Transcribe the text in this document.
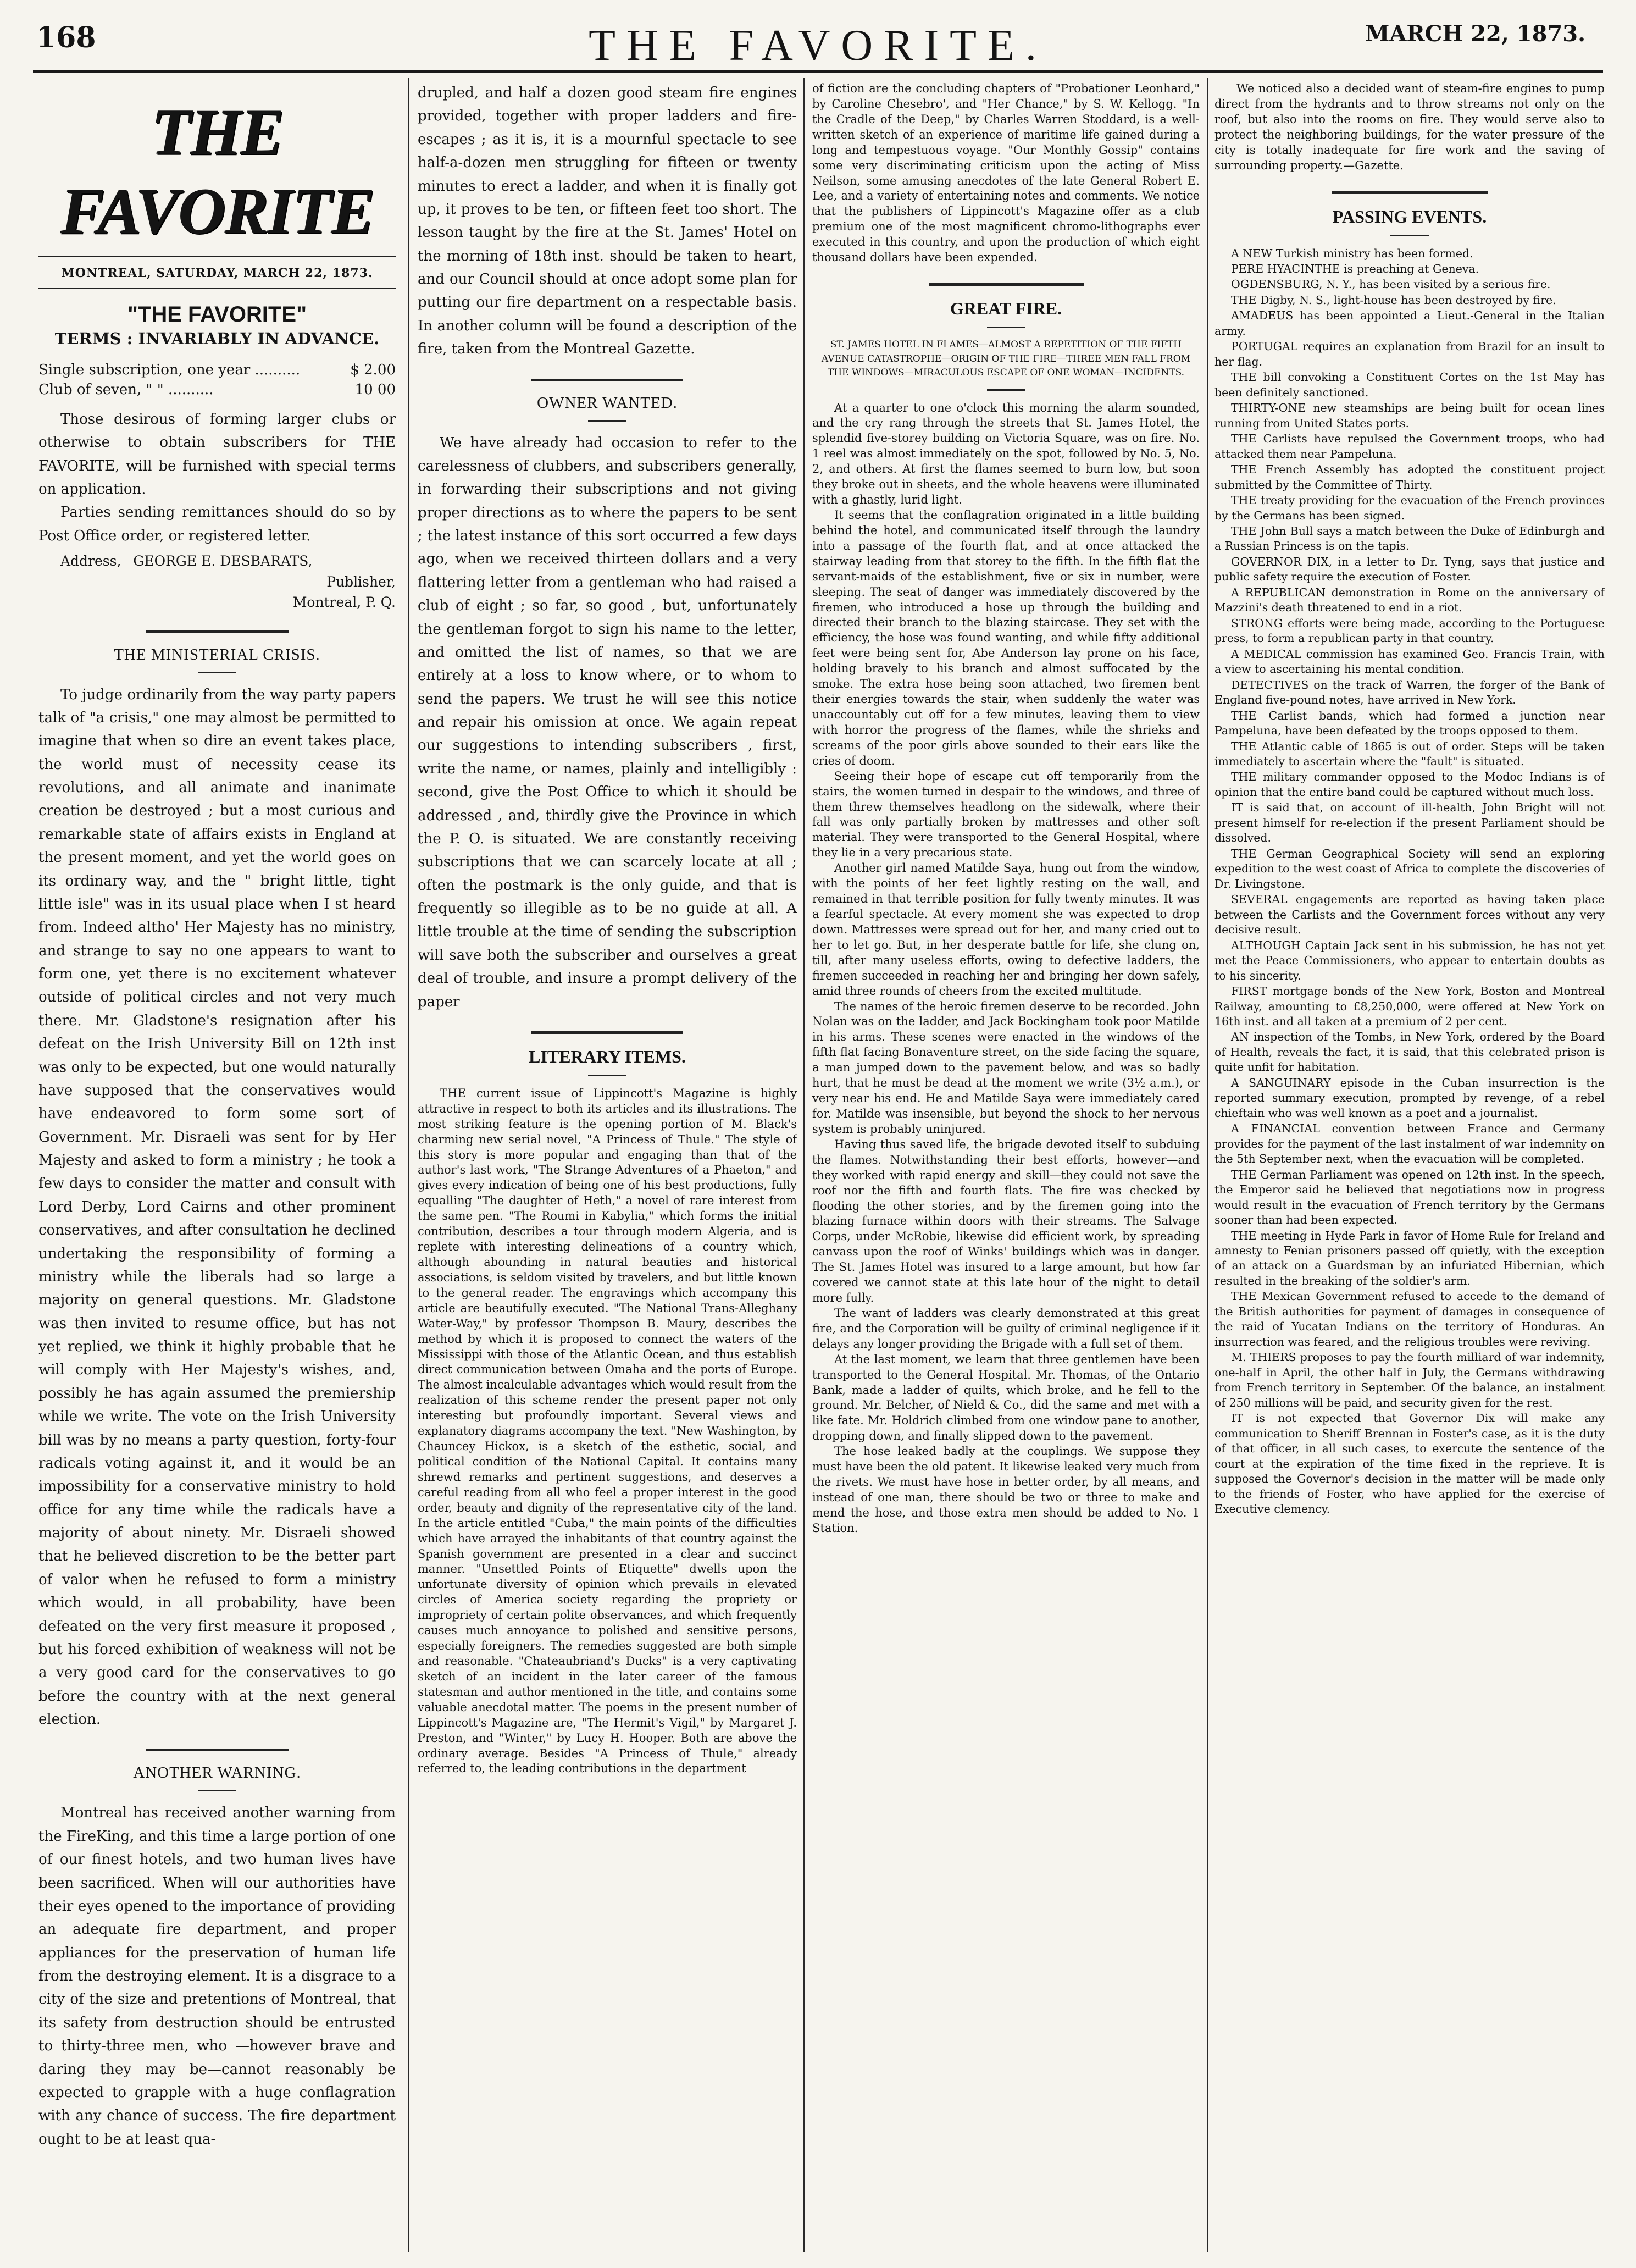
168	THE FAVORITE.	MARCH 22, 1873.
THE FAVORITE
MONTREAL, SATURDAY, MARCH 22, 1873.
"THE FAVORITE"
TERMS : INVARIABLY IN ADVANCE.
Single subscription, one year ..........	$ 2.00
Club of seven, " " ..........	10 00

Those desirous of forming larger clubs or otherwise to obtain subscribers for THE FAVORITE, will be furnished with special terms on application.

Parties sending remittances should do so by Post Office order, or registered letter.

Address, GEORGE E. DESBARATS,
Publisher,
Montreal, P. Q.
THE MINISTERIAL CRISIS.

To judge ordinarily from the way party papers talk of "a crisis," one may almost be permitted to imagine that when so dire an event takes place, the world must of necessity cease its revolutions, and all animate and inanimate creation be destroyed ; but a most curious and remarkable state of affairs exists in England at the present moment, and yet the world goes on its ordinary way, and the " bright little, tight little isle" was in its usual place when I st heard from. Indeed altho' Her Majesty has no ministry, and strange to say no one appears to want to form one, yet there is no excitement whatever outside of political circles and not very much there. Mr. Gladstone's resignation after his defeat on the Irish University Bill on 12th inst was only to be expected, but one would naturally have supposed that the conservatives would have endeavored to form some sort of Government. Mr. Disraeli was sent for by Her Majesty and asked to form a ministry ; he took a few days to consider the matter and consult with Lord Derby, Lord Cairns and other prominent conservatives, and after consultation he declined undertaking the responsibility of forming a ministry while the liberals had so large a majority on general questions. Mr. Gladstone was then invited to resume office, but has not yet replied, we think it highly probable that he will comply with Her Majesty's wishes, and, possibly he has again assumed the premiership while we write. The vote on the Irish University bill was by no means a party question, forty-four radicals voting against it, and it would be an impossibility for a conservative ministry to hold office for any time while the radicals have a majority of about ninety. Mr. Disraeli showed that he believed discretion to be the better part of valor when he refused to form a ministry which would, in all probability, have been defeated on the very first measure it proposed , but his forced exhibition of weakness will not be a very good card for the conservatives to go before the country with at the next general election.

ANOTHER WARNING.

Montreal has received another warning from the FireKing, and this time a large portion of one of our finest hotels, and two human lives have been sacrificed. When will our authorities have their eyes opened to the importance of providing an adequate fire department, and proper appliances for the preservation of human life from the destroying element. It is a disgrace to a city of the size and pretentions of Montreal, that its safety from destruction should be entrusted to thirty-three men, who —however brave and daring they may be—cannot reasonably be expected to grapple with a huge conflagration with any chance of success. The fire department ought to be at least qua-

drupled, and half a dozen good steam fire engines provided, together with proper ladders and fire-escapes ; as it is, it is a mournful spectacle to see half-a-dozen men struggling for fifteen or twenty minutes to erect a ladder, and when it is finally got up, it proves to be ten, or fifteen feet too short. The lesson taught by the fire at the St. James' Hotel on the morning of 18th inst. should be taken to heart, and our Council should at once adopt some plan for putting our fire department on a respectable basis. In another column will be found a description of the fire, taken from the Montreal Gazette.

OWNER WANTED.

We have already had occasion to refer to the carelessness of clubbers, and subscribers generally, in forwarding their subscriptions and not giving proper directions as to where the papers to be sent ; the latest instance of this sort occurred a few days ago, when we received thirteen dollars and a very flattering letter from a gentleman who had raised a club of eight ; so far, so good , but, unfortunately the gentleman forgot to sign his name to the letter, and omitted the list of names, so that we are entirely at a loss to know where, or to whom to send the papers. We trust he will see this notice and repair his omission at once. We again repeat our suggestions to intending subscribers , first, write the name, or names, plainly and intelligibly : second, give the Post Office to which it should be addressed , and, thirdly give the Province in which the P. O. is situated. We are constantly receiving subscriptions that we can scarcely locate at all ; often the postmark is the only guide, and that is frequently so illegible as to be no guide at all. A little trouble at the time of sending the subscription will save both the subscriber and ourselves a great deal of trouble, and insure a prompt delivery of the paper

LITERARY ITEMS.

THE current issue of Lippincott's Magazine is highly attractive in respect to both its articles and its illustrations. The most striking feature is the opening portion of M. Black's charming new serial novel, "A Princess of Thule." The style of this story is more popular and engaging than that of the author's last work, "The Strange Adventures of a Phaeton," and gives every indication of being one of his best productions, fully equalling "The daughter of Heth," a novel of rare interest from the same pen. "The Roumi in Kabylia," which forms the initial contribution, describes a tour through modern Algeria, and is replete with interesting delineations of a country which, although abounding in natural beauties and historical associations, is seldom visited by travelers, and but little known to the general reader. The engravings which accompany this article are beautifully executed. "The National Trans-Alleghany Water-Way," by professor Thompson B. Maury, describes the method by which it is proposed to connect the waters of the Mississippi with those of the Atlantic Ocean, and thus establish direct communication between Omaha and the ports of Europe. The almost incalculable advantages which would result from the realization of this scheme render the present paper not only interesting but profoundly important. Several views and explanatory diagrams accompany the text. "New Washington, by Chauncey Hickox, is a sketch of the esthetic, social, and political condition of the National Capital. It contains many shrewd remarks and pertinent suggestions, and deserves a careful reading from all who feel a proper interest in the good order, beauty and dignity of the representative city of the land. In the article entitled "Cuba," the main points of the difficulties which have arrayed the inhabitants of that country against the Spanish government are presented in a clear and succinct manner. "Unsettled Points of Etiquette" dwells upon the unfortunate diversity of opinion which prevails in elevated circles of America society regarding the propriety or impropriety of certain polite observances, and which frequently causes much annoyance to polished and sensitive persons, especially foreigners. The remedies suggested are both simple and reasonable. "Chateaubriand's Ducks" is a very captivating sketch of an incident in the later career of the famous statesman and author mentioned in the title, and contains some valuable anecdotal matter. The poems in the present number of Lippincott's Magazine are, "The Hermit's Vigil," by Margaret J. Preston, and "Winter," by Lucy H. Hooper. Both are above the ordinary average. Besides "A Princess of Thule," already referred to, the leading contributions in the department

of fiction are the concluding chapters of "Probationer Leonhard," by Caroline Chesebro', and "Her Chance," by S. W. Kellogg. "In the Cradle of the Deep," by Charles Warren Stoddard, is a well-written sketch of an experience of maritime life gained during a long and tempestuous voyage. "Our Monthly Gossip" contains some very discriminating criticism upon the acting of Miss Neilson, some amusing anecdotes of the late General Robert E. Lee, and a variety of entertaining notes and comments. We notice that the publishers of Lippincott's Magazine offer as a club premium one of the most magnificent chromo-lithographs ever executed in this country, and upon the production of which eight thousand dollars have been expended.

GREAT FIRE.
ST. JAMES HOTEL IN FLAMES—ALMOST A REPETITION OF THE FIFTH AVENUE CATASTROPHE—ORIGIN OF THE FIRE—THREE MEN FALL FROM THE WINDOWS—MIRACULOUS ESCAPE OF ONE WOMAN—INCIDENTS.

At a quarter to one o'clock this morning the alarm sounded, and the cry rang through the streets that St. James Hotel, the splendid five-storey building on Victoria Square, was on fire. No. 1 reel was almost immediately on the spot, followed by No. 5, No. 2, and others. At first the flames seemed to burn low, but soon they broke out in sheets, and the whole heavens were illuminated with a ghastly, lurid light.

It seems that the conflagration originated in a little building behind the hotel, and communicated itself through the laundry into a passage of the fourth flat, and at once attacked the stairway leading from that storey to the fifth. In the fifth flat the servant-maids of the establishment, five or six in number, were sleeping. The seat of danger was immediately discovered by the firemen, who introduced a hose up through the building and directed their branch to the blazing staircase. They set with the efficiency, the hose was found wanting, and while fifty additional feet were being sent for, Abe Anderson lay prone on his face, holding bravely to his branch and almost suffocated by the smoke. The extra hose being soon attached, two firemen bent their energies towards the stair, when suddenly the water was unaccountably cut off for a few minutes, leaving them to view with horror the progress of the flames, while the shrieks and screams of the poor girls above sounded to their ears like the cries of doom.

Seeing their hope of escape cut off temporarily from the stairs, the women turned in despair to the windows, and three of them threw themselves headlong on the sidewalk, where their fall was only partially broken by mattresses and other soft material. They were transported to the General Hospital, where they lie in a very precarious state.

Another girl named Matilde Saya, hung out from the window, with the points of her feet lightly resting on the wall, and remained in that terrible position for fully twenty minutes. It was a fearful spectacle. At every moment she was expected to drop down. Mattresses were spread out for her, and many cried out to her to let go. But, in her desperate battle for life, she clung on, till, after many useless efforts, owing to defective ladders, the firemen succeeded in reaching her and bringing her down safely, amid three rounds of cheers from the excited multitude.

The names of the heroic firemen deserve to be recorded. John Nolan was on the ladder, and Jack Bockingham took poor Matilde in his arms. These scenes were enacted in the windows of the fifth flat facing Bonaventure street, on the side facing the square, a man jumped down to the pavement below, and was so badly hurt, that he must be dead at the moment we write (3½ a.m.), or very near his end. He and Matilde Saya were immediately cared for. Matilde was insensible, but beyond the shock to her nervous system is probably uninjured.

Having thus saved life, the brigade devoted itself to subduing the flames. Notwithstanding their best efforts, however—and they worked with rapid energy and skill—they could not save the roof nor the fifth and fourth flats. The fire was checked by flooding the other stories, and by the firemen going into the blazing furnace within doors with their streams. The Salvage Corps, under McRobie, likewise did efficient work, by spreading canvass upon the roof of Winks' buildings which was in danger. The St. James Hotel was insured to a large amount, but how far covered we cannot state at this late hour of the night to detail more fully.

The want of ladders was clearly demonstrated at this great fire, and the Corporation will be guilty of criminal negligence if it delays any longer providing the Brigade with a full set of them.

At the last moment, we learn that three gentlemen have been transported to the General Hospital. Mr. Thomas, of the Ontario Bank, made a ladder of quilts, which broke, and he fell to the ground. Mr. Belcher, of Nield & Co., did the same and met with a like fate. Mr. Holdrich climbed from one window pane to another, dropping down, and finally slipped down to the pavement.

The hose leaked badly at the couplings. We suppose they must have been the old patent. It likewise leaked very much from the rivets. We must have hose in better order, by all means, and instead of one man, there should be two or three to make and mend the hose, and those extra men should be added to No. 1 Station.

We noticed also a decided want of steam-fire engines to pump direct from the hydrants and to throw streams not only on the roof, but also into the rooms on fire. They would serve also to protect the neighboring buildings, for the water pressure of the city is totally inadequate for fire work and the saving of surrounding property.—Gazette.

PASSING EVENTS.

A NEW Turkish ministry has been formed.

PERE HYACINTHE is preaching at Geneva.

OGDENSBURG, N. Y., has been visited by a serious fire.

THE Digby, N. S., light-house has been destroyed by fire.

AMADEUS has been appointed a Lieut.-General in the Italian army.

PORTUGAL requires an explanation from Brazil for an insult to her flag.

THE bill convoking a Constituent Cortes on the 1st May has been definitely sanctioned.

THIRTY-ONE new steamships are being built for ocean lines running from United States ports.

THE Carlists have repulsed the Government troops, who had attacked them near Pampeluna.

THE French Assembly has adopted the constituent project submitted by the Committee of Thirty.

THE treaty providing for the evacuation of the French provinces by the Germans has been signed.

THE John Bull says a match between the Duke of Edinburgh and a Russian Princess is on the tapis.

GOVERNOR DIX, in a letter to Dr. Tyng, says that justice and public safety require the execution of Foster.

A REPUBLICAN demonstration in Rome on the anniversary of Mazzini's death threatened to end in a riot.

STRONG efforts were being made, according to the Portuguese press, to form a republican party in that country.

A MEDICAL commission has examined Geo. Francis Train, with a view to ascertaining his mental condition.

DETECTIVES on the track of Warren, the forger of the Bank of England five-pound notes, have arrived in New York.

THE Carlist bands, which had formed a junction near Pampeluna, have been defeated by the troops opposed to them.

THE Atlantic cable of 1865 is out of order. Steps will be taken immediately to ascertain where the "fault" is situated.

THE military commander opposed to the Modoc Indians is of opinion that the entire band could be captured without much loss.

IT is said that, on account of ill-health, John Bright will not present himself for re-election if the present Parliament should be dissolved.

THE German Geographical Society will send an exploring expedition to the west coast of Africa to complete the discoveries of Dr. Livingstone.

SEVERAL engagements are reported as having taken place between the Carlists and the Government forces without any very decisive result.

ALTHOUGH Captain Jack sent in his submission, he has not yet met the Peace Commissioners, who appear to entertain doubts as to his sincerity.

FIRST mortgage bonds of the New York, Boston and Montreal Railway, amounting to £8,250,000, were offered at New York on 16th inst. and all taken at a premium of 2 per cent.

AN inspection of the Tombs, in New York, ordered by the Board of Health, reveals the fact, it is said, that this celebrated prison is quite unfit for habitation.

A SANGUINARY episode in the Cuban insurrection is the reported summary execution, prompted by revenge, of a rebel chieftain who was well known as a poet and a journalist.

A FINANCIAL convention between France and Germany provides for the payment of the last instalment of war indemnity on the 5th September next, when the evacuation will be completed.

THE German Parliament was opened on 12th inst. In the speech, the Emperor said he believed that negotiations now in progress would result in the evacuation of French territory by the Germans sooner than had been expected.

THE meeting in Hyde Park in favor of Home Rule for Ireland and amnesty to Fenian prisoners passed off quietly, with the exception of an attack on a Guardsman by an infuriated Hibernian, which resulted in the breaking of the soldier's arm.

THE Mexican Government refused to accede to the demand of the British authorities for payment of damages in consequence of the raid of Yucatan Indians on the territory of Honduras. An insurrection was feared, and the religious troubles were reviving.

M. THIERS proposes to pay the fourth milliard of war indemnity, one-half in April, the other half in July, the Germans withdrawing from French territory in September. Of the balance, an instalment of 250 millions will be paid, and security given for the rest.

IT is not expected that Governor Dix will make any communication to Sheriff Brennan in Foster's case, as it is the duty of that officer, in all such cases, to exercute the sentence of the court at the expiration of the time fixed in the reprieve. It is supposed the Governor's decision in the matter will be made only to the friends of Foster, who have applied for the exercise of Executive clemency.
